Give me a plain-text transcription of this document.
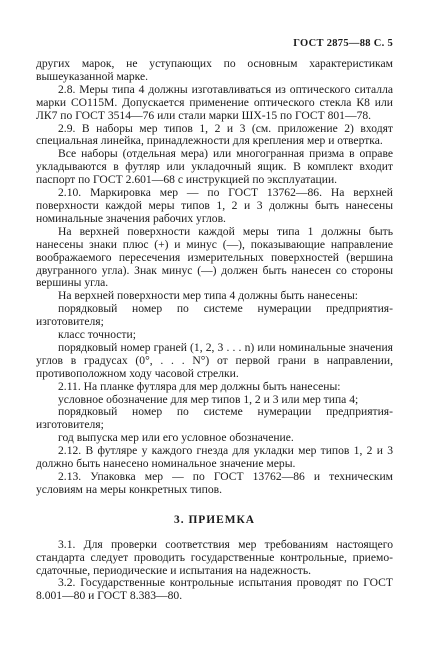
ГОСТ 2875—88 С. 5

других марок, не уступающих по основным характеристикам вышеуказанной марке.

2.8. Меры типа 4 должны изготавливаться из оптического ситалла марки СО115М. Допускается применение оптического стекла К8 или ЛК7 по ГОСТ 3514—76 или стали марки ШХ-15 по ГОСТ 801—78.

2.9. В наборы мер типов 1, 2 и 3 (см. приложение 2) входят специальная линейка, принадлежности для крепления мер и отвертка.

Все наборы (отдельная мера) или многогранная призма в оправе укладываются в футляр или укладочный ящик. В комплект входит паспорт по ГОСТ 2.601—68 с инструкцией по эксплуатации.

2.10. Маркировка мер — по ГОСТ 13762—86. На верхней поверхности каждой меры типов 1, 2 и 3 должны быть нанесены номинальные значения рабочих углов.

На верхней поверхности каждой меры типа 1 должны быть нанесены знаки плюс (+) и минус (—), показывающие направление воображаемого пересечения измерительных поверхностей (вершина двугранного угла). Знак минус (—) должен быть нанесен со стороны вершины угла.

На верхней поверхности мер типа 4 должны быть нанесены:

порядковый номер по системе нумерации предприятия-изготовителя;

класс точности;

порядковый номер граней (1, 2, 3 . . . n) или номинальные значения углов в градусах (0°, . . . N°) от первой грани в направлении, противоположном ходу часовой стрелки.

2.11. На планке футляра для мер должны быть нанесены:

условное обозначение для мер типов 1, 2 и 3 или мер типа 4;

порядковый номер по системе нумерации предприятия-изготовителя;

год выпуска мер или его условное обозначение.

2.12. В футляре у каждого гнезда для укладки мер типов 1, 2 и 3 должно быть нанесено номинальное значение меры.

2.13. Упаковка мер — по ГОСТ 13762—86 и техническим условиям на меры конкретных типов.

3. ПРИЕМКА

3.1. Для проверки соответствия мер требованиям настоящего стандарта следует проводить государственные контрольные, приемо-сдаточные, периодические и испытания на надежность.

3.2. Государственные контрольные испытания проводят по ГОСТ 8.001—80 и ГОСТ 8.383—80.
